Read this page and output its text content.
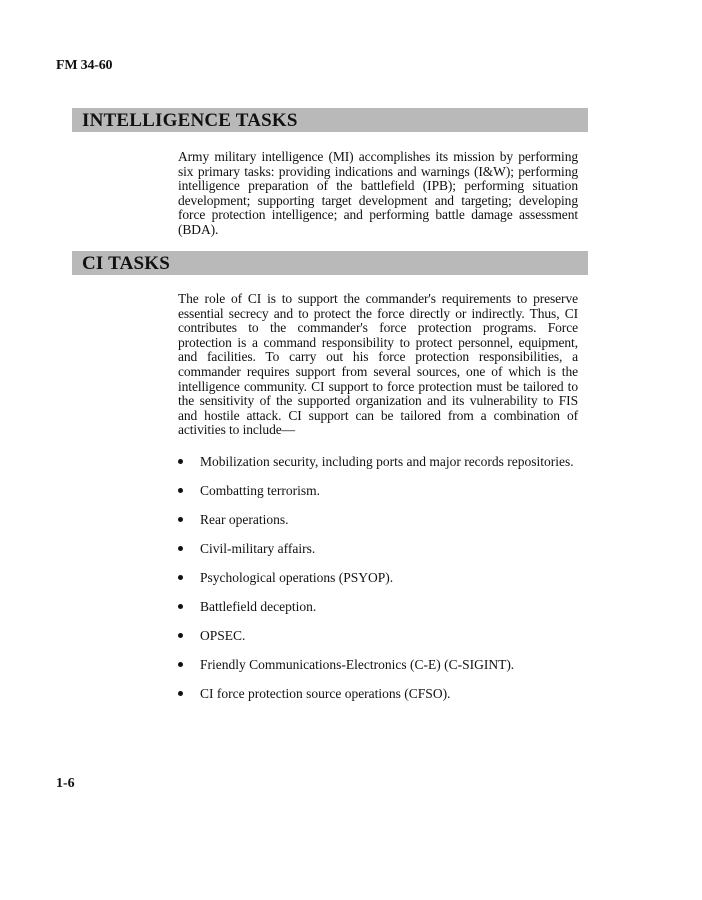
FM 34-60
INTELLIGENCE TASKS
Army military intelligence (MI) accomplishes its mission by performing six primary tasks: providing indications and warnings (I&W); performing intelligence preparation of the battlefield (IPB); performing situation development; supporting target development and targeting; developing force protection intelligence; and performing battle damage assessment (BDA).
CI TASKS
The role of CI is to support the commander's requirements to preserve essential secrecy and to protect the force directly or indirectly. Thus, CI contributes to the commander's force protection programs. Force protection is a command responsibility to protect personnel, equipment, and facilities. To carry out his force protection responsibilities, a commander requires support from several sources, one of which is the intelligence community. CI support to force protection must be tailored to the sensitivity of the supported organization and its vulnerability to FIS and hostile attack. CI support can be tailored from a combination of activities to include—
Mobilization security, including ports and major records repositories.
Combatting terrorism.
Rear operations.
Civil-military affairs.
Psychological operations (PSYOP).
Battlefield deception.
OPSEC.
Friendly Communications-Electronics (C-E) (C-SIGINT).
CI force protection source operations (CFSO).
1-6
